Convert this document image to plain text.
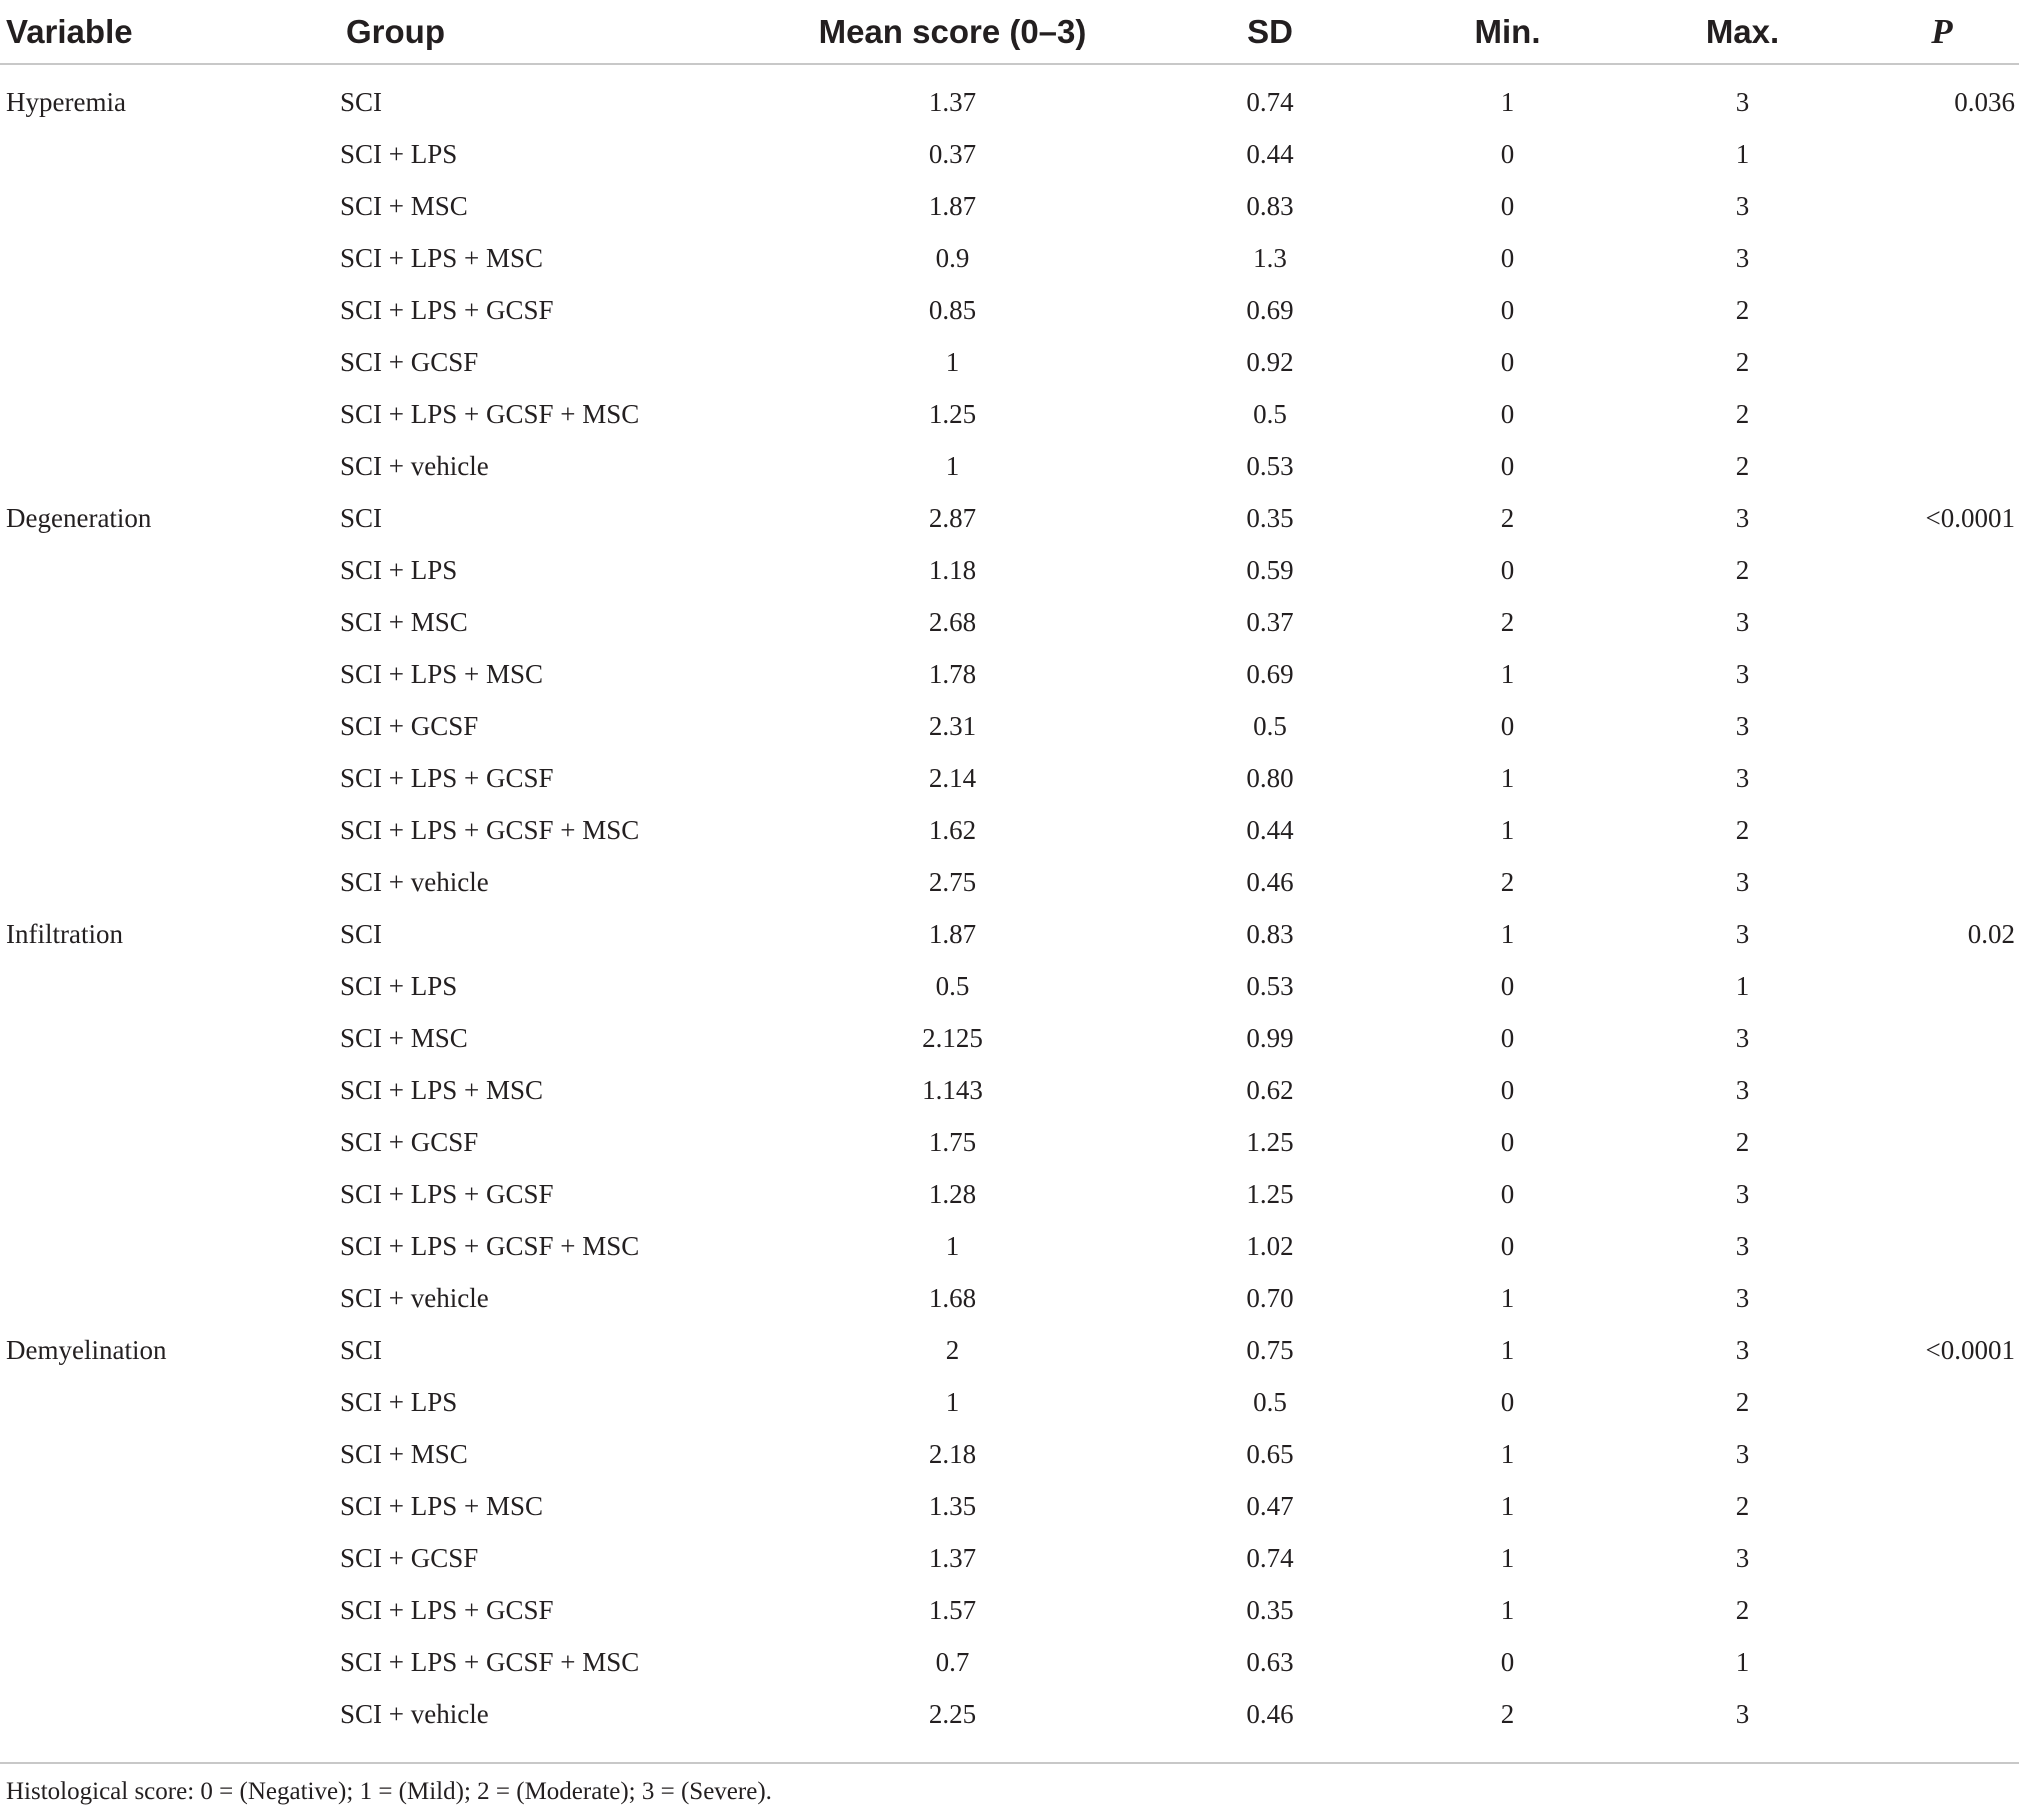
Variable	Group	Mean score (0–3)	SD	Min.	Max.	P

Hyperemia	SCI	1.37	0.74	1	3	0.036
	SCI + LPS	0.37	0.44	0	1	
	SCI + MSC	1.87	0.83	0	3	
	SCI + LPS + MSC	0.9	1.3	0	3	
	SCI + LPS + GCSF	0.85	0.69	0	2	
	SCI + GCSF	1	0.92	0	2	
	SCI + LPS + GCSF + MSC	1.25	0.5	0	2	
	SCI + vehicle	1	0.53	0	2	
Degeneration	SCI	2.87	0.35	2	3	<0.0001
	SCI + LPS	1.18	0.59	0	2	
	SCI + MSC	2.68	0.37	2	3	
	SCI + LPS + MSC	1.78	0.69	1	3	
	SCI + GCSF	2.31	0.5	0	3	
	SCI + LPS + GCSF	2.14	0.80	1	3	
	SCI + LPS + GCSF + MSC	1.62	0.44	1	2	
	SCI + vehicle	2.75	0.46	2	3	
Infiltration	SCI	1.87	0.83	1	3	0.02
	SCI + LPS	0.5	0.53	0	1	
	SCI + MSC	2.125	0.99	0	3	
	SCI + LPS + MSC	1.143	0.62	0	3	
	SCI + GCSF	1.75	1.25	0	2	
	SCI + LPS + GCSF	1.28	1.25	0	3	
	SCI + LPS + GCSF + MSC	1	1.02	0	3	
	SCI + vehicle	1.68	0.70	1	3	
Demyelination	SCI	2	0.75	1	3	<0.0001
	SCI + LPS	1	0.5	0	2	
	SCI + MSC	2.18	0.65	1	3	
	SCI + LPS + MSC	1.35	0.47	1	2	
	SCI + GCSF	1.37	0.74	1	3	
	SCI + LPS + GCSF	1.57	0.35	1	2	
	SCI + LPS + GCSF + MSC	0.7	0.63	0	1	
	SCI + vehicle	2.25	0.46	2	3	
Histological score: 0 = (Negative); 1 = (Mild); 2 = (Moderate); 3 = (Severe).
